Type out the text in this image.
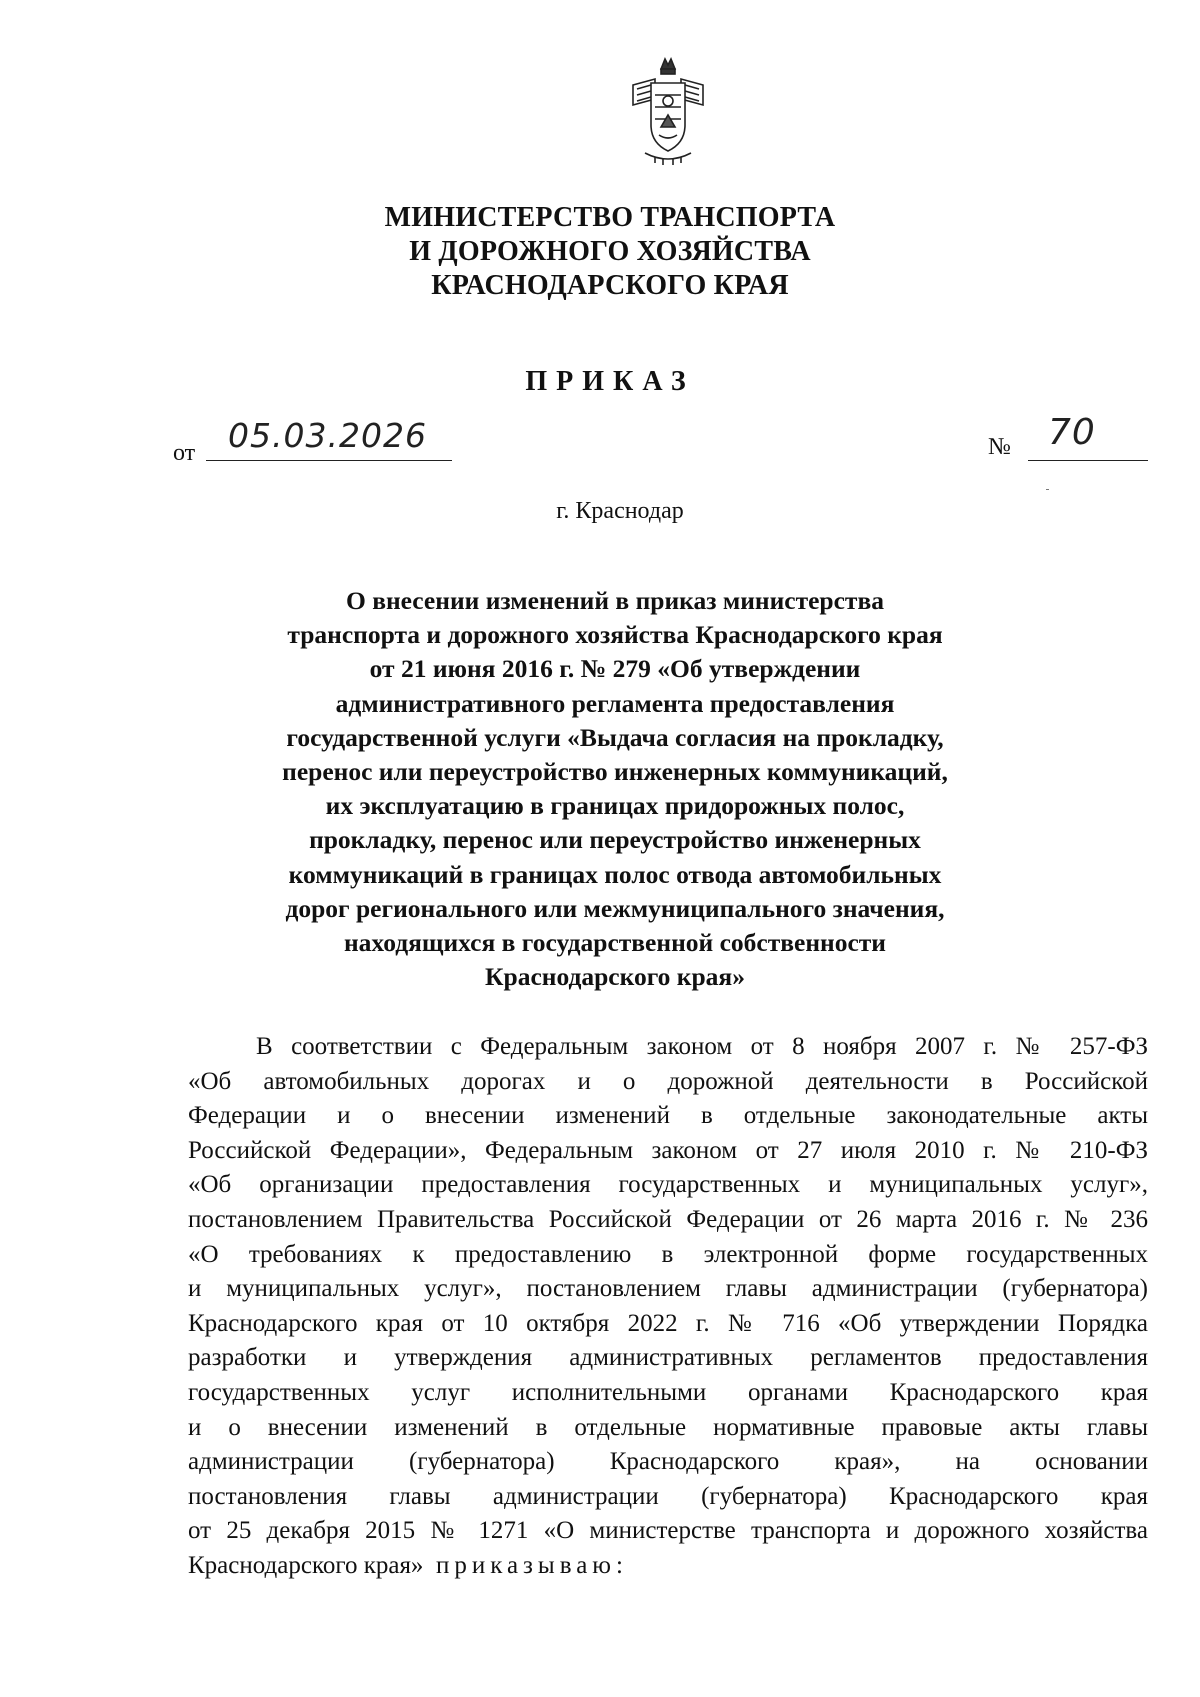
МИНИСТЕРСТВО ТРАНСПОРТА
И ДОРОЖНОГО ХОЗЯЙСТВА
КРАСНОДАРСКОГО КРАЯ
ПРИКАЗ
от 05.03.2026	№ 70
г. Краснодар
О внесении изменений в приказ министерства
транспорта и дорожного хозяйства Краснодарского края
от 21 июня 2016 г. № 279 «Об утверждении
административного регламента предоставления
государственной услуги «Выдача согласия на прокладку,
перенос или переустройство инженерных коммуникаций,
их эксплуатацию в границах придорожных полос,
прокладку, перенос или переустройство инженерных
коммуникаций в границах полос отвода автомобильных
дорог регионального или межмуниципального значения,
находящихся в государственной собственности
Краснодарского края»
В соответствии с Федеральным законом от 8 ноября 2007 г. № 257-ФЗ
«Об автомобильных дорогах и о дорожной деятельности в Российской
Федерации и о внесении изменений в отдельные законодательные акты
Российской Федерации», Федеральным законом от 27 июля 2010 г. № 210-ФЗ
«Об организации предоставления государственных и муниципальных услуг»,
постановлением Правительства Российской Федерации от 26 марта 2016 г. № 236
«О требованиях к предоставлению в электронной форме государственных
и муниципальных услуг», постановлением главы администрации (губернатора)
Краснодарского края от 10 октября 2022 г. № 716 «Об утверждении Порядка
разработки и утверждения административных регламентов предоставления
государственных услуг исполнительными органами Краснодарского края
и о внесении изменений в отдельные нормативные правовые акты главы
администрации (губернатора) Краснодарского края», на основании
постановления главы администрации (губернатора) Краснодарского края
от 25 декабря 2015 № 1271 «О министерстве транспорта и дорожного хозяйства
Краснодарского края» приказываю:
